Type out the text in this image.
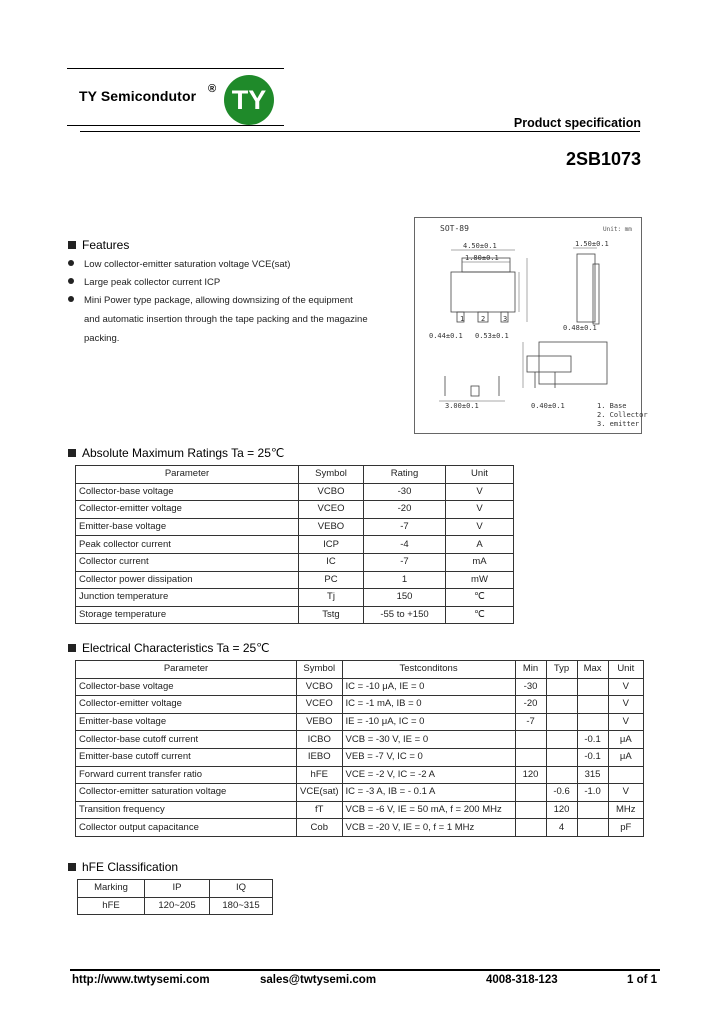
TY Semicondutor ® TY
Product specification
2SB1073
Features
Low collector-emitter saturation voltage VCE(sat)
Large peak collector current ICP
Mini Power type package, allowing downsizing of the equipment
and automatic insertion through the tape packing and the magazine
packing.
SOT-89	Unit: mm
4.50±0.1
1.80±0.1
1 2	3
0.44±0.1 0.53±0.1
1.50±0.1
0.48±0.1
3.00±0.1	0.40±0.1	1. Base
2. Collector
3. emitter
Absolute Maximum Ratings Ta = 25℃
Parameter	Symbol	Rating	Unit
Collector-base voltage	VCBO	-30	V
Collector-emitter voltage	VCEO	-20	V
Emitter-base voltage	VEBO	-7	V
Peak collector current	ICP	-4	A
Collector current	IC	-7	mA
Collector power dissipation	PC	1	mW
Junction temperature	Tj	150	℃
Storage temperature	Tstg	-55 to +150	℃
Electrical Characteristics Ta = 25℃
Parameter	Symbol	Testconditons	Min	Typ	Max	Unit
Collector-base voltage	VCBO	IC = -10 μA, IE = 0	-30			V
Collector-emitter voltage	VCEO	IC = -1 mA, IB = 0	-20			V
Emitter-base voltage	VEBO	IE = -10 μA, IC = 0	-7			V
Collector-base cutoff current	ICBO	VCB = -30 V, IE = 0			-0.1	μA
Emitter-base cutoff current	IEBO	VEB = -7 V, IC = 0			-0.1	μA
Forward current transfer ratio	hFE	VCE = -2 V, IC = -2 A	120		315	
Collector-emitter saturation voltage	VCE(sat)	IC = -3 A, IB = - 0.1 A		-0.6	-1.0	V
Transition frequency	fT	VCB = -6 V, IE = 50 mA, f = 200 MHz		120		MHz
Collector output capacitance	Cob	VCB = -20 V, IE = 0, f = 1 MHz		4		pF
hFE Classification
Marking	IP	IQ
hFE	120~205	180~315
http://www.twtysemi.com	sales@twtysemi.com	4008-318-123	1 of 1
